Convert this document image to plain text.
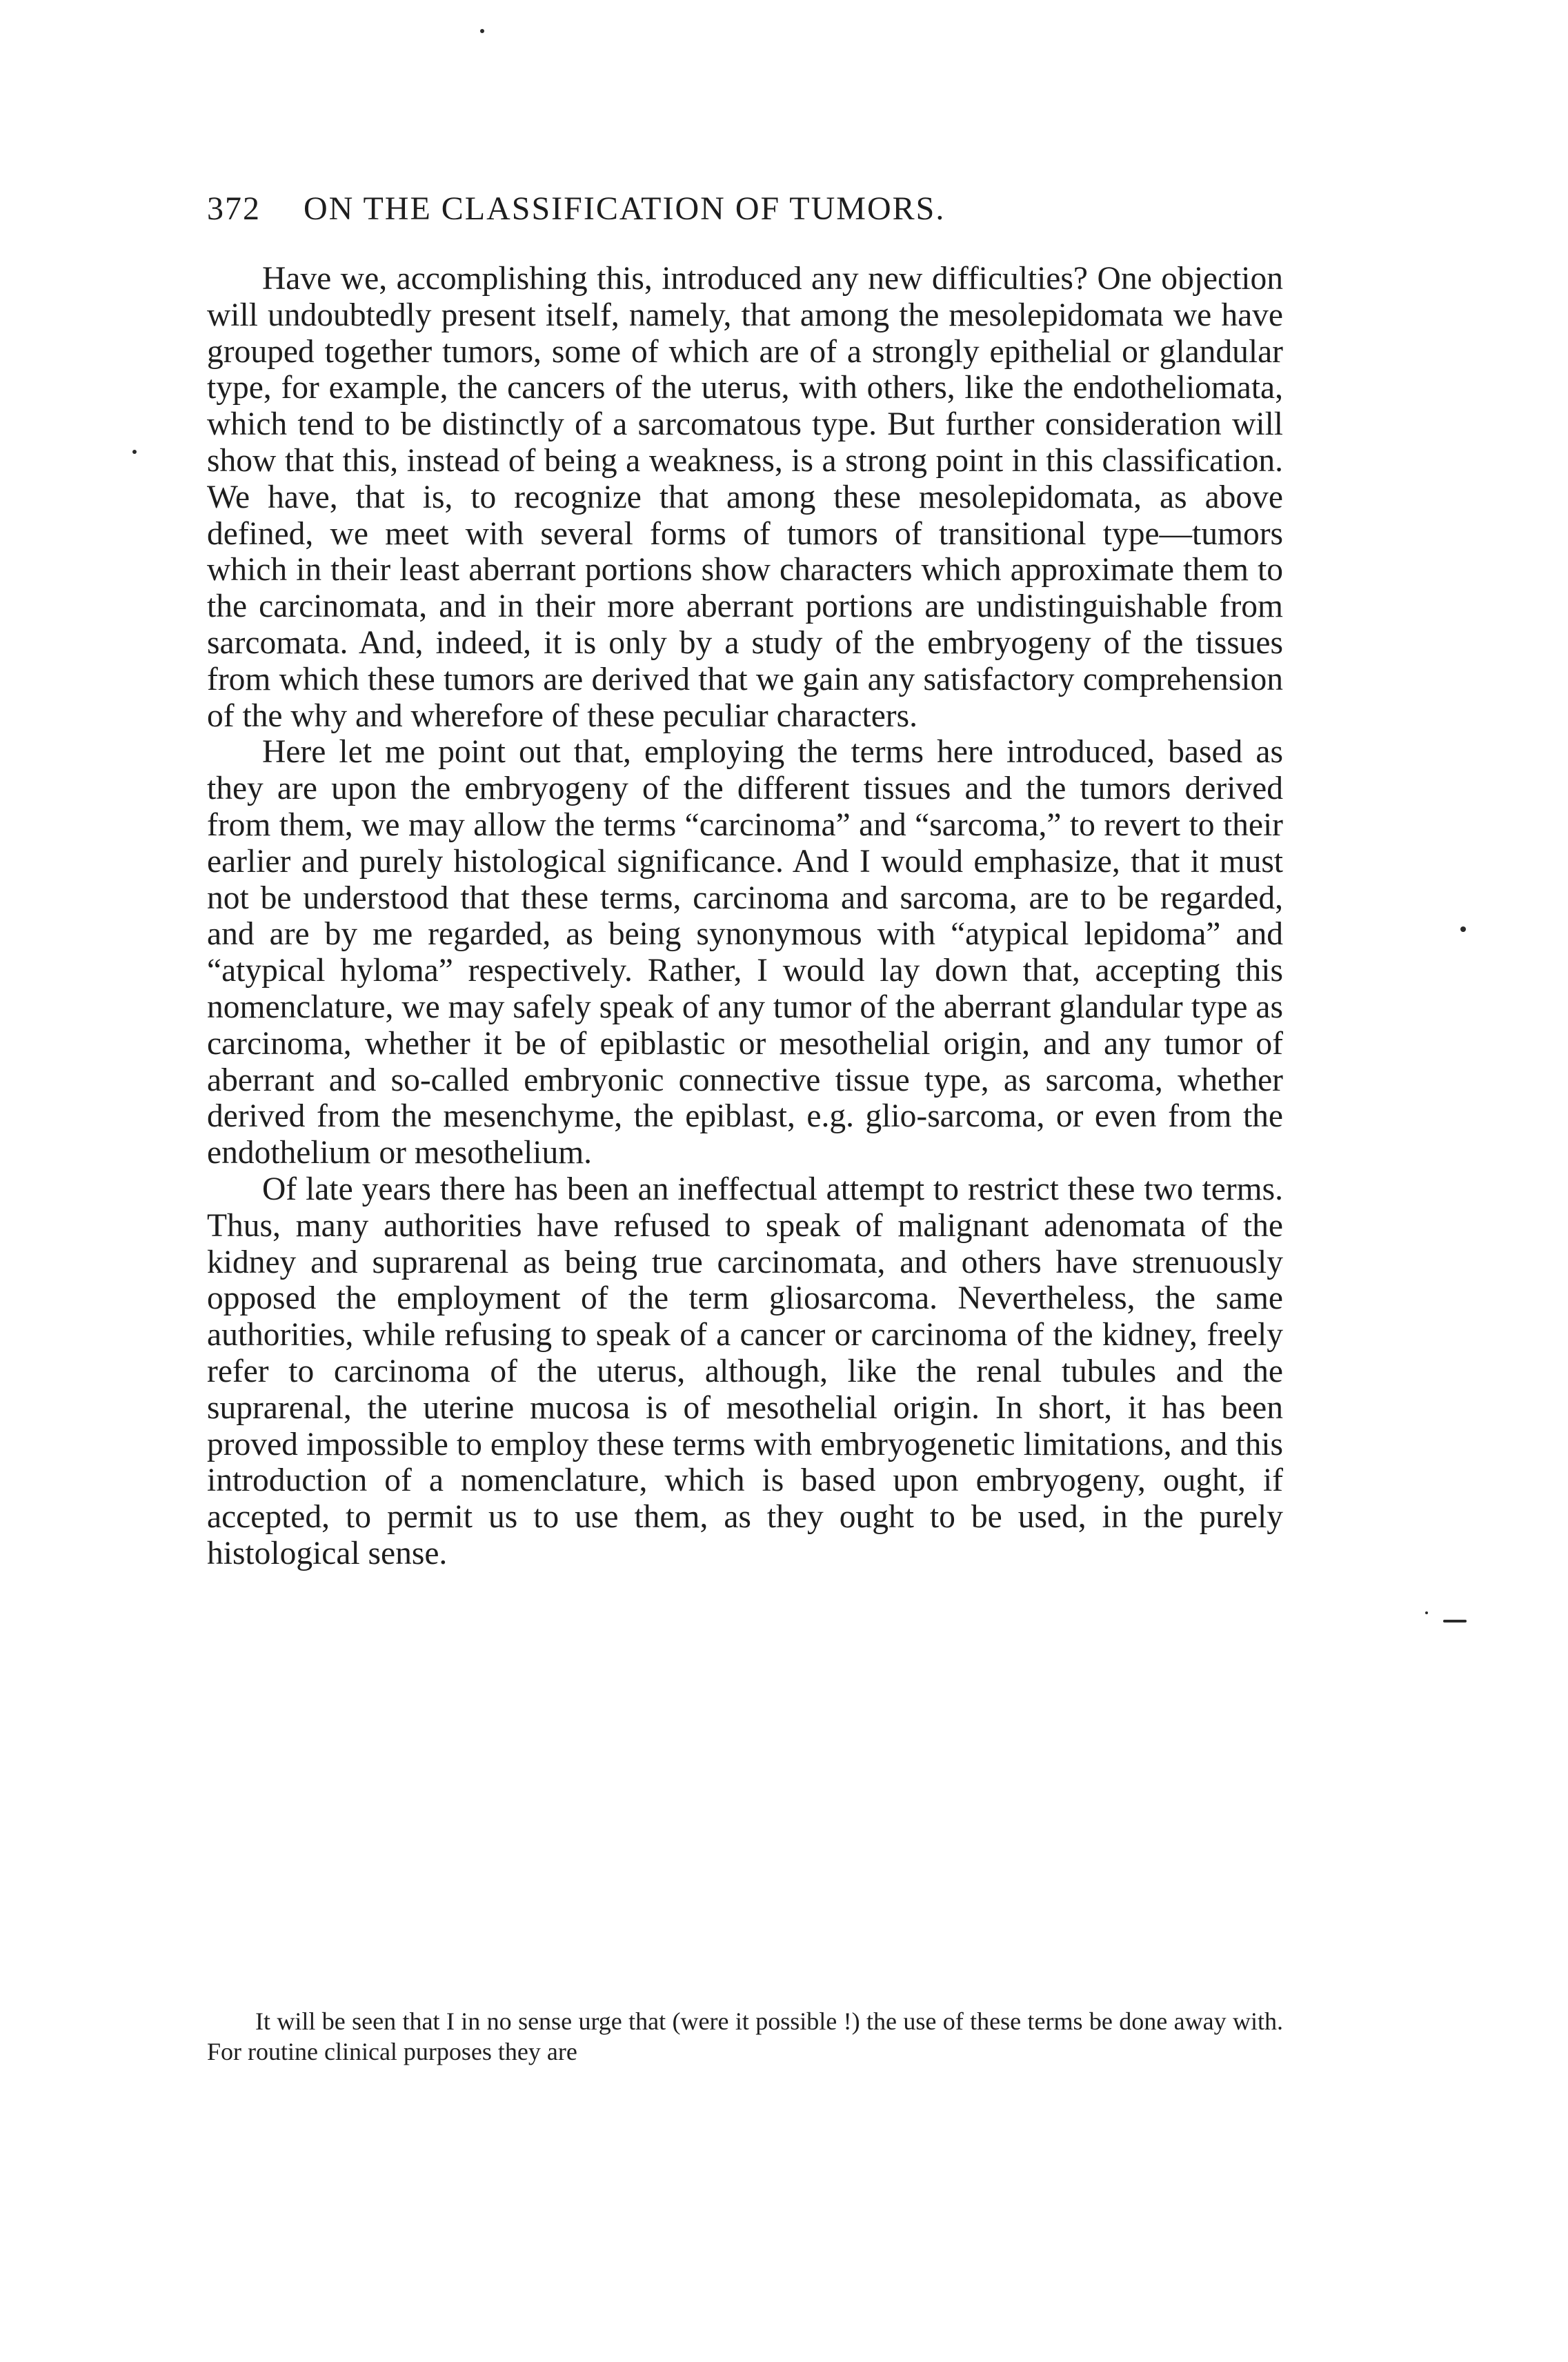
372 ON THE CLASSIFICATION OF TUMORS.

Have we, accomplishing this, introduced any new difficulties? One objection will undoubtedly present itself, namely, that among the mesolepidomata we have grouped together tumors, some of which are of a strongly epithelial or glandular type, for example, the cancers of the uterus, with others, like the endotheliomata, which tend to be distinctly of a sarcomatous type. But further consideration will show that this, instead of being a weakness, is a strong point in this classification. We have, that is, to recognize that among these mesolepidomata, as above defined, we meet with several forms of tumors of transitional type—tumors which in their least aberrant portions show characters which approximate them to the carcinomata, and in their more aberrant portions are undistinguishable from sarcomata. And, indeed, it is only by a study of the embryogeny of the tissues from which these tumors are derived that we gain any satisfactory comprehension of the why and wherefore of these peculiar characters.

Here let me point out that, employing the terms here introduced, based as they are upon the embryogeny of the different tissues and the tumors derived from them, we may allow the terms “carcinoma” and “sarcoma,” to revert to their earlier and purely histological significance. And I would emphasize, that it must not be understood that these terms, carcinoma and sarcoma, are to be regarded, and are by me regarded, as being synonymous with “atypical lepidoma” and “atypical hyloma” respectively. Rather, I would lay down that, accepting this nomenclature, we may safely speak of any tumor of the aberrant glandular type as carcinoma, whether it be of epiblastic or mesothelial origin, and any tumor of aberrant and so-called embryonic connective tissue type, as sarcoma, whether derived from the mesenchyme, the epiblast, e.g. glio-sarcoma, or even from the endothelium or mesothelium.

Of late years there has been an ineffectual attempt to restrict these two terms. Thus, many authorities have refused to speak of malignant adenomata of the kidney and suprarenal as being true carcinomata, and others have strenuously opposed the employment of the term gliosarcoma. Nevertheless, the same authorities, while refusing to speak of a cancer or carcinoma of the kidney, freely refer to carcinoma of the uterus, although, like the renal tubules and the suprarenal, the uterine mucosa is of mesothelial origin. In short, it has been proved impossible to employ these terms with embryogenetic limitations, and this introduction of a nomenclature, which is based upon embryogeny, ought, if accepted, to permit us to use them, as they ought to be used, in the purely histological sense.

It will be seen that I in no sense urge that (were it possible !) the use of these terms be done away with. For routine clinical purposes they are
